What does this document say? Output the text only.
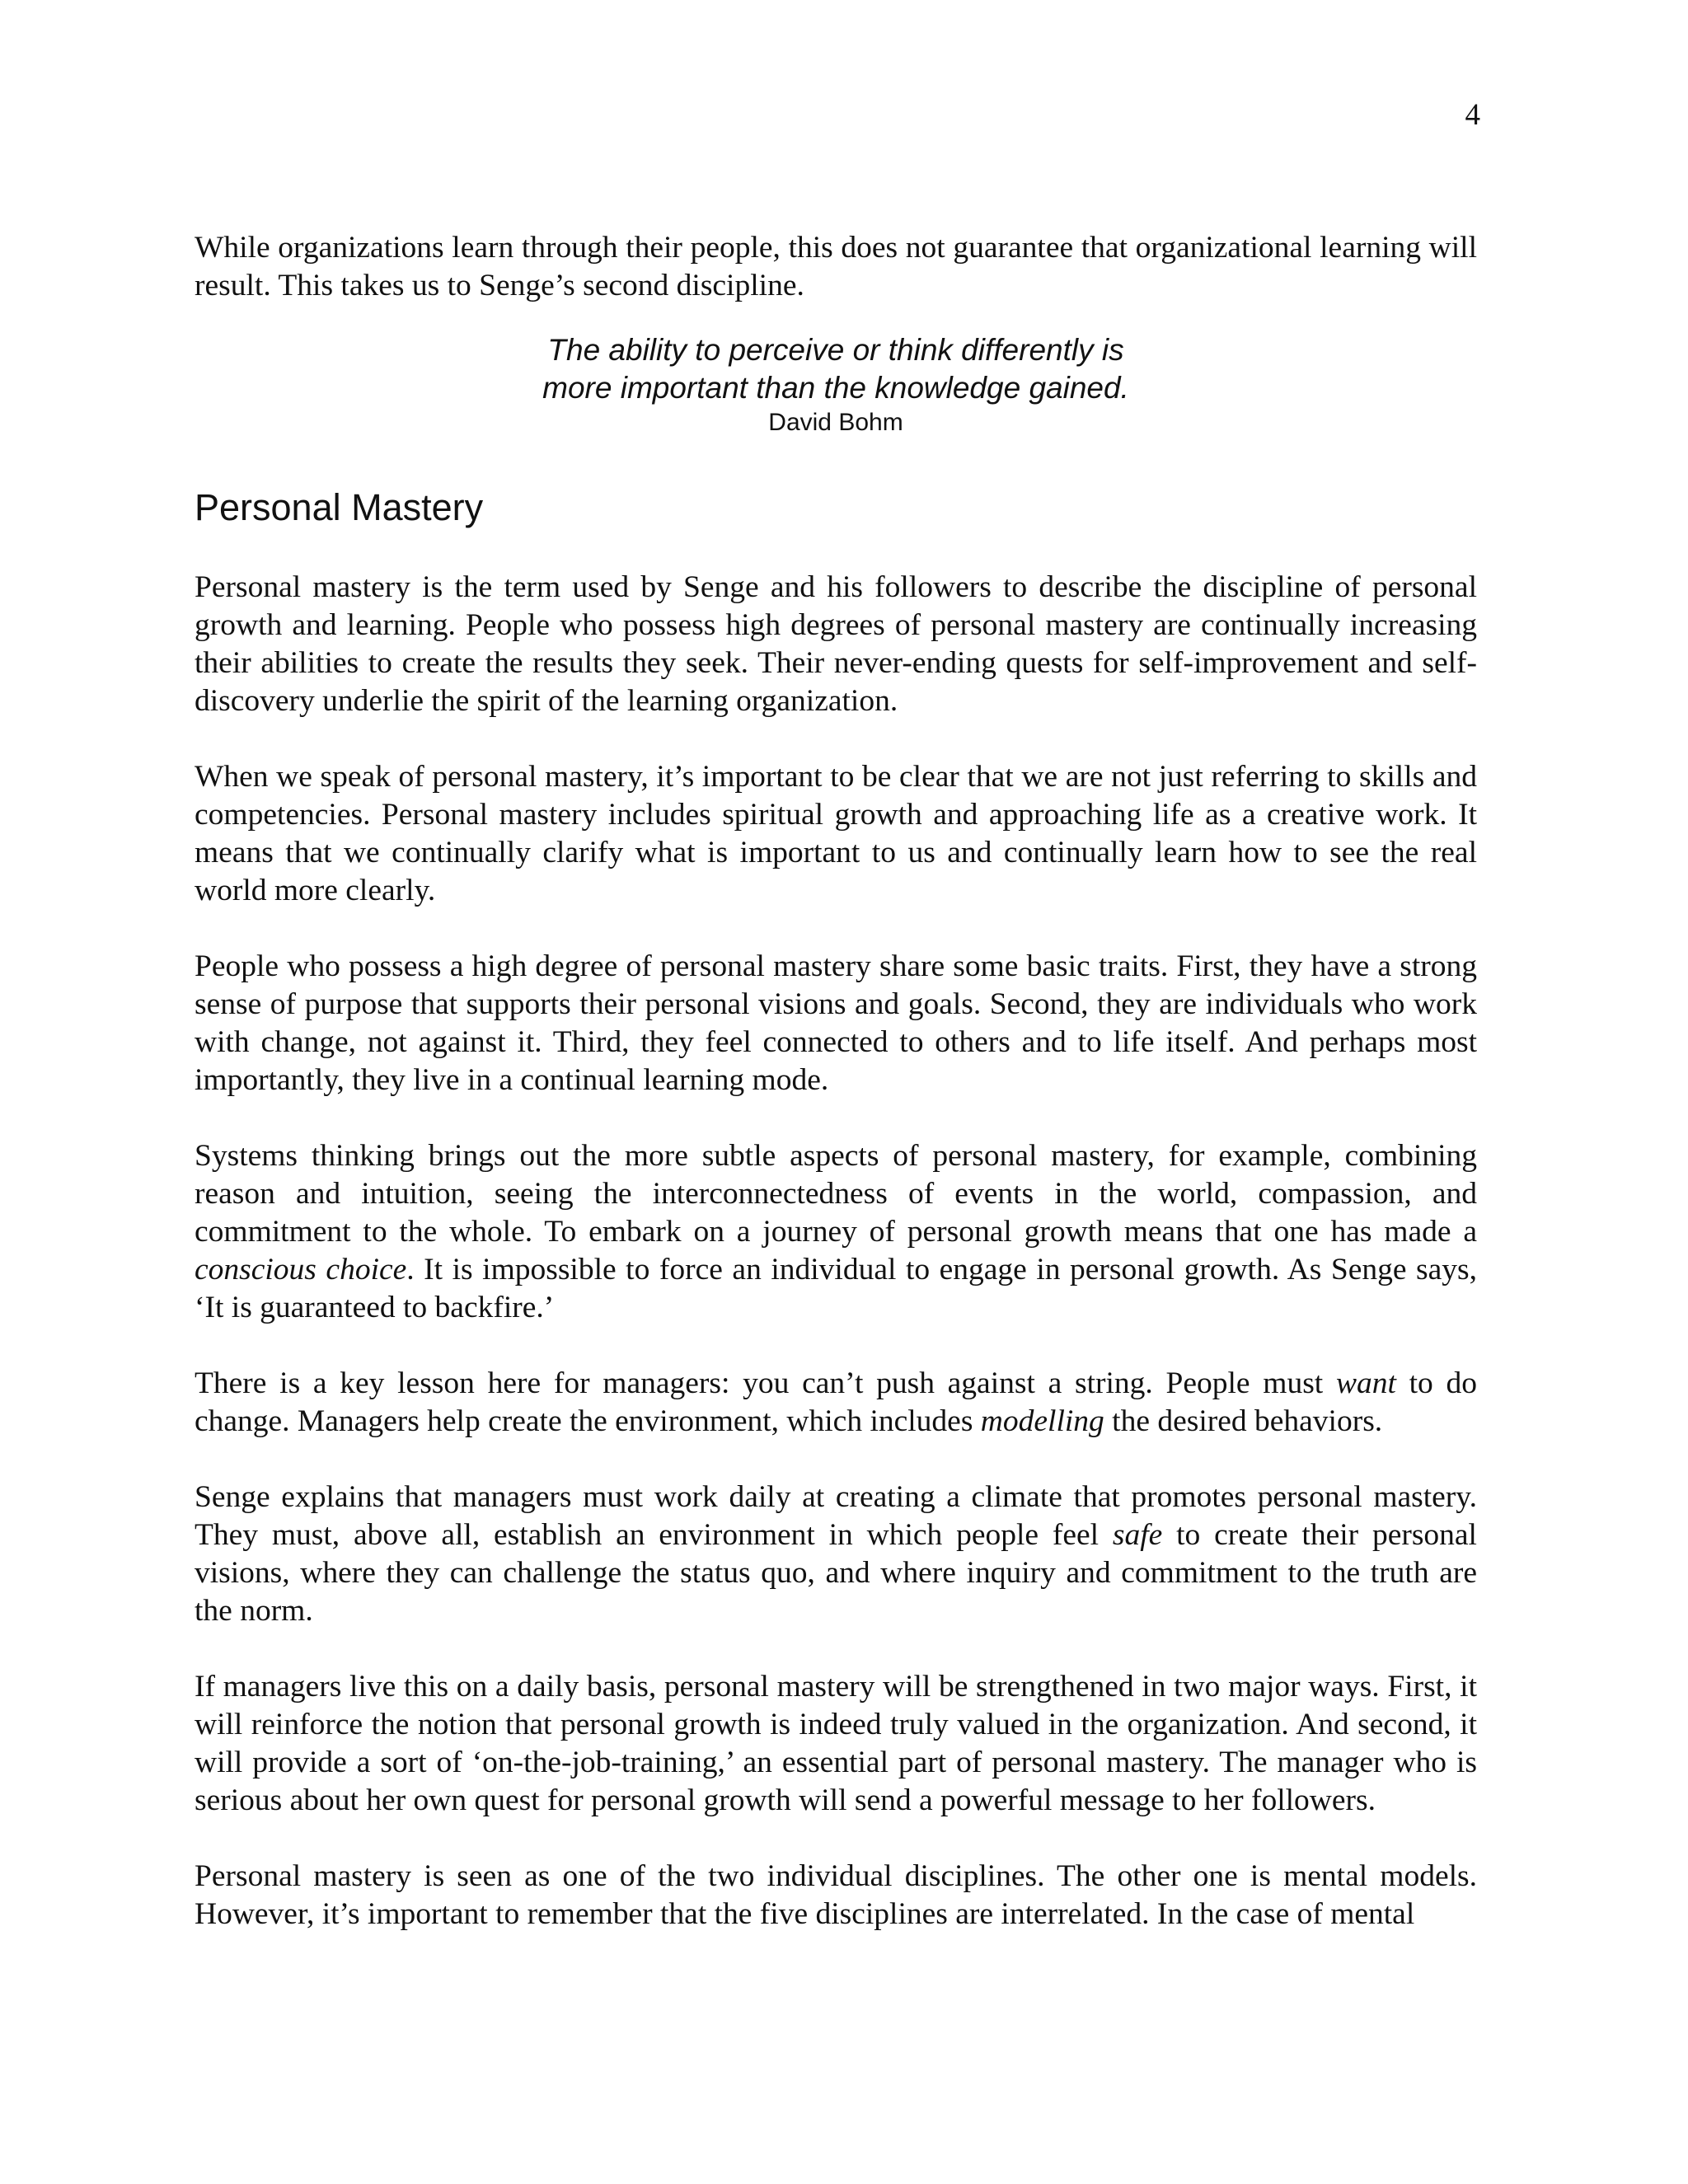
4

While organizations learn through their people, this does not guarantee that organizational learning will result. This takes us to Senge’s second discipline.

The ability to perceive or think differently is
more important than the knowledge gained.
David Bohm
Personal Mastery

Personal mastery is the term used by Senge and his followers to describe the discipline of personal growth and learning. People who possess high degrees of personal mastery are continually increasing their abilities to create the results they seek. Their never-ending quests for self-improvement and self-discovery underlie the spirit of the learning organization.

When we speak of personal mastery, it’s important to be clear that we are not just referring to skills and competencies. Personal mastery includes spiritual growth and approaching life as a creative work. It means that we continually clarify what is important to us and continually learn how to see the real world more clearly.

People who possess a high degree of personal mastery share some basic traits. First, they have a strong sense of purpose that supports their personal visions and goals. Second, they are individuals who work with change, not against it. Third, they feel connected to others and to life itself. And perhaps most importantly, they live in a continual learning mode.

Systems thinking brings out the more subtle aspects of personal mastery, for example, combining reason and intuition, seeing the interconnectedness of events in the world, compassion, and commitment to the whole. To embark on a journey of personal growth means that one has made a conscious choice. It is impossible to force an individual to engage in personal growth. As Senge says, ‘It is guaranteed to backfire.’

There is a key lesson here for managers: you can’t push against a string. People must want to do change. Managers help create the environment, which includes modelling the desired behaviors.

Senge explains that managers must work daily at creating a climate that promotes personal mastery. They must, above all, establish an environment in which people feel safe to create their personal visions, where they can challenge the status quo, and where inquiry and commitment to the truth are the norm.

If managers live this on a daily basis, personal mastery will be strengthened in two major ways. First, it will reinforce the notion that personal growth is indeed truly valued in the organization. And second, it will provide a sort of ‘on-the-job-training,’ an essential part of personal mastery. The manager who is serious about her own quest for personal growth will send a powerful message to her followers.

Personal mastery is seen as one of the two individual disciplines. The other one is mental models. However, it’s important to remember that the five disciplines are interrelated. In the case of mental
